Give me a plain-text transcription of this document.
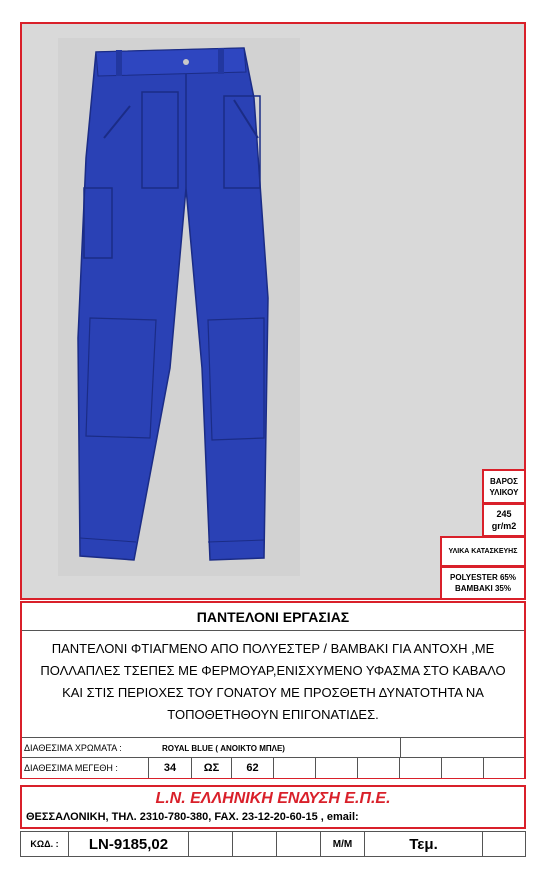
ΒΑΡΟΣ
ΥΛΙΚΟΥ
245
gr/m2
ΥΛΙΚΑ ΚΑΤΑΣΚΕΥΗΣ
POLYESTER 65%
ΒΑΜΒΑΚΙ 35%
ΠΑΝΤΕΛΟΝΙ ΕΡΓΑΣΙΑΣ
ΠΑΝΤΕΛΟΝΙ ΦΤΙΑΓΜΕΝΟ ΑΠΟ ΠΟΛΥΕΣΤΕΡ / ΒΑΜΒΑΚΙ ΓΙΑ ΑΝΤΟΧΗ ,ΜΕ ΠΟΛΛΑΠΛΕΣ ΤΣΕΠΕΣ ΜΕ ΦΕΡΜΟΥΑΡ,ΕΝΙΣΧΥΜΕΝΟ ΥΦΑΣΜΑ ΣΤΟ ΚΑΒΑΛΟ ΚΑΙ ΣΤΙΣ ΠΕΡΙΟΧΕΣ ΤΟΥ ΓΟΝΑΤΟΥ ΜΕ ΠΡΟΣΘΕΤΗ ΔΥΝΑΤΟΤΗΤΑ ΝΑ ΤΟΠΟΘΕΤΗΘΟΥΝ ΕΠΙΓΟΝΑΤΙΔΕΣ.
ΔΙΑΘΕΣΙΜΑ ΧΡΩΜΑΤΑ :	ROYAL BLUE ( ΑΝΟΙΚΤΟ ΜΠΛΕ)
ΔΙΑΘΕΣΙΜΑ ΜΕΓΕΘΗ :	34	ΩΣ	62
L.N. ΕΛΛΗΝΙΚΗ ΕΝΔΥΣΗ Ε.Π.Ε.
ΘΕΣΣΑΛΟΝΙΚΗ, ΤΗΛ. 2310-780-380, FAX. 23-12-20-60-15 , email:
ΚΩΔ. :	LN-9185,02	Μ/Μ	Τεμ.
